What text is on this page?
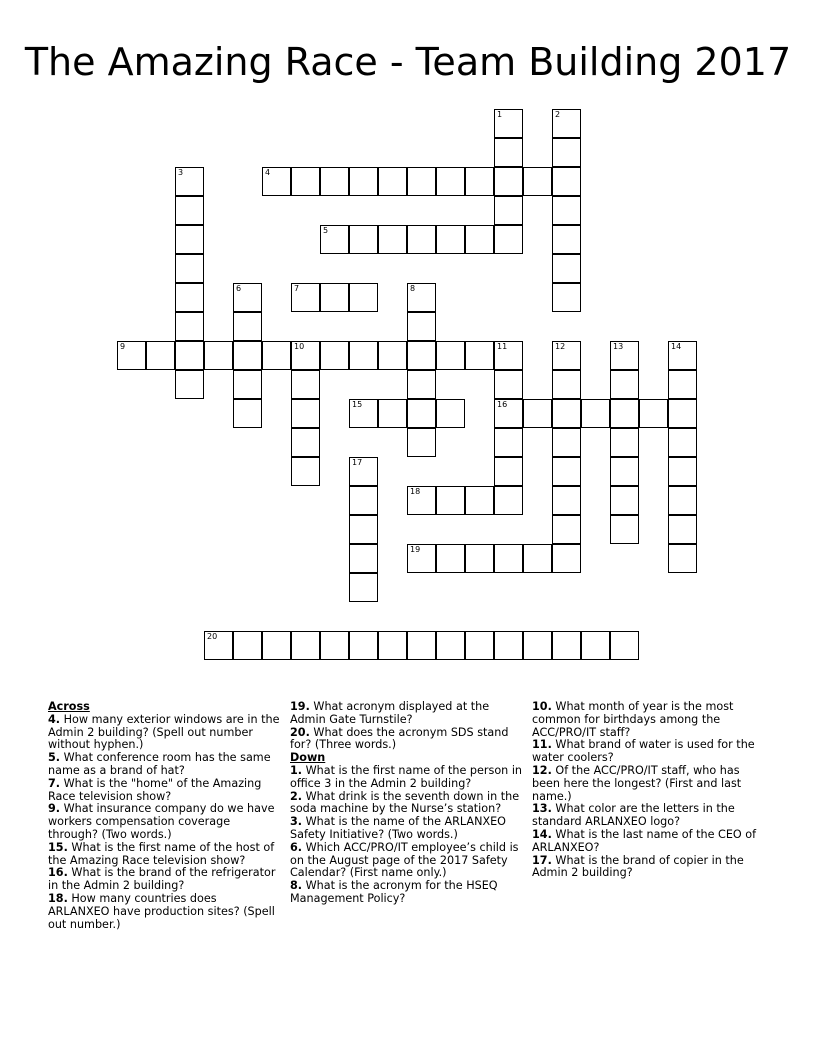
The Amazing Race - Team Building 2017
4
5
7
9	10	11
15	16
18
19
20
1	2
3
6	8
12	13	14
17
Across
4. How many exterior windows are in the Admin 2 building? (Spell out number without hyphen.)
5. What conference room has the same name as a brand of hat?
7. What is the "home" of the Amazing Race television show?
9. What insurance company do we have workers compensation coverage through? (Two words.)
15. What is the first name of the host of the Amazing Race television show?
16. What is the brand of the refrigerator in the Admin 2 building?
18. How many countries does ARLANXEO have production sites? (Spell out number.)
19. What acronym displayed at the Admin Gate Turnstile?
20. What does the acronym SDS stand for? (Three words.)
Down
1. What is the first name of the person in office 3 in the Admin 2 building?
2. What drink is the seventh down in the soda machine by the Nurse’s station?
3. What is the name of the ARLANXEO Safety Initiative? (Two words.)
6. Which ACC/PRO/IT employee’s child is on the August page of the 2017 Safety Calendar? (First name only.)
8. What is the acronym for the HSEQ Management Policy?
10. What month of year is the most common for birthdays among the ACC/PRO/IT staff?
11. What brand of water is used for the water coolers?
12. Of the ACC/PRO/IT staff, who has been here the longest? (First and last name.)
13. What color are the letters in the standard ARLANXEO logo?
14. What is the last name of the CEO of ARLANXEO?
17. What is the brand of copier in the Admin 2 building?
